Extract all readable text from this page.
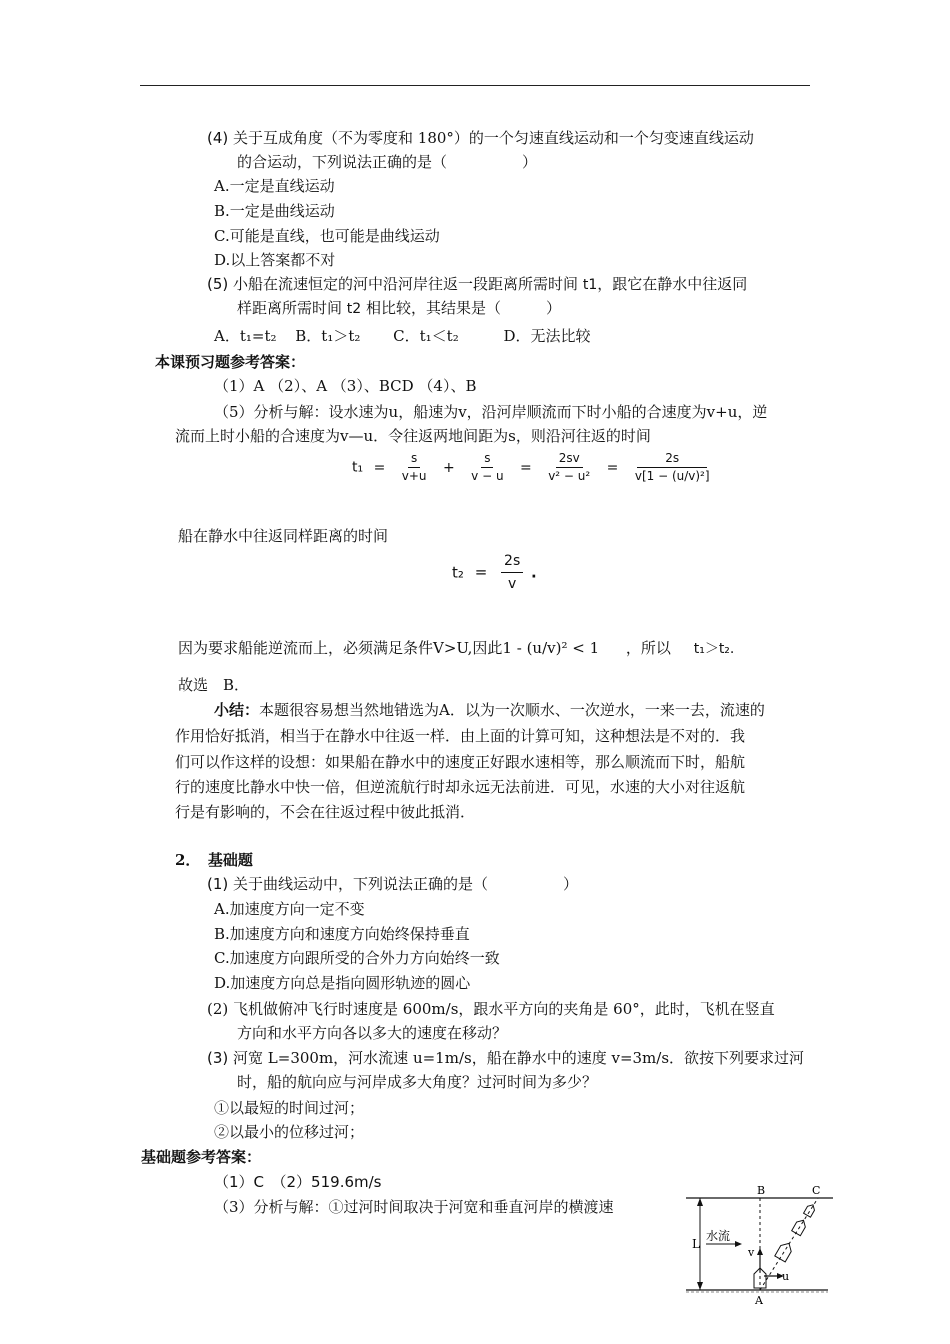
(4) 关于互成角度（不为零度和 180°）的一个匀速直线运动和一个匀变速直线运动
的合运动，下列说法正确的是（　　　　　）
A.一定是直线运动
B.一定是曲线运动
C.可能是直线，也可能是曲线运动
D.以上答案都不对
(5) 小船在流速恒定的河中沿河岸往返一段距离所需时间 t1，跟它在静水中往返同
样距离所需时间 t2 相比较，其结果是（　　　）
A．t₁=t₂ B．t₁＞t₂ C．t₁＜t₂	D．无法比较
本课预习题参考答案：
（1）A （2）、A （3）、BCD （4）、B
（5）分析与解：设水速为u，船速为v，沿河岸顺流而下时小船的合速度为v+u，逆
流而上时小船的合速度为v—u．令往返两地间距为s，则沿河往返的时间
$t_1 = \frac{s}{v+u} + \frac{s}{v - u} = \frac{2sv}{\text{v² − u²}} = \frac{2s}{\text{v[1 − (u/v)²]}}$
船在静水中往返同样距离的时间
$t_2 = \frac{2s}{v}$ .
因为要求船能逆流而上，必须满足条件V>U,因此1 - (u/v)² < 1 ，所以 t₁＞t₂.
故选　B．
小结：本题很容易想当然地错选为A．以为一次顺水、一次逆水，一来一去，流速的
作用恰好抵消，相当于在静水中往返一样．由上面的计算可知，这种想法是不对的．我
们可以作这样的设想：如果船在静水中的速度正好跟水速相等，那么顺流而下时，船航
行的速度比静水中快一倍，但逆流航行时却永远无法前进．可见，水速的大小对往返航
行是有影响的，不会在往返过程中彼此抵消．
2．　基础题
(1) 关于曲线运动中，下列说法正确的是（　　　　　）
A.加速度方向一定不变
B.加速度方向和速度方向始终保持垂直
C.加速度方向跟所受的合外力方向始终一致
D.加速度方向总是指向圆形轨迹的圆心
(2) 飞机做俯冲飞行时速度是 600m/s，跟水平方向的夹角是 60°，此时，飞机在竖直
方向和水平方向各以多大的速度在移动？
(3) 河宽 L=300m，河水流速 u=1m/s，船在静水中的速度 v=3m/s．欲按下列要求过河
时，船的航向应与河岸成多大角度？过河时间为多少？
①以最短的时间过河；
②以最小的位移过河；
基础题参考答案：
（1）C　（2）519.6m/s
（3）分析与解：①过河时间取决于河宽和垂直河岸的横渡速
L
水流
B
A
C
v
u
